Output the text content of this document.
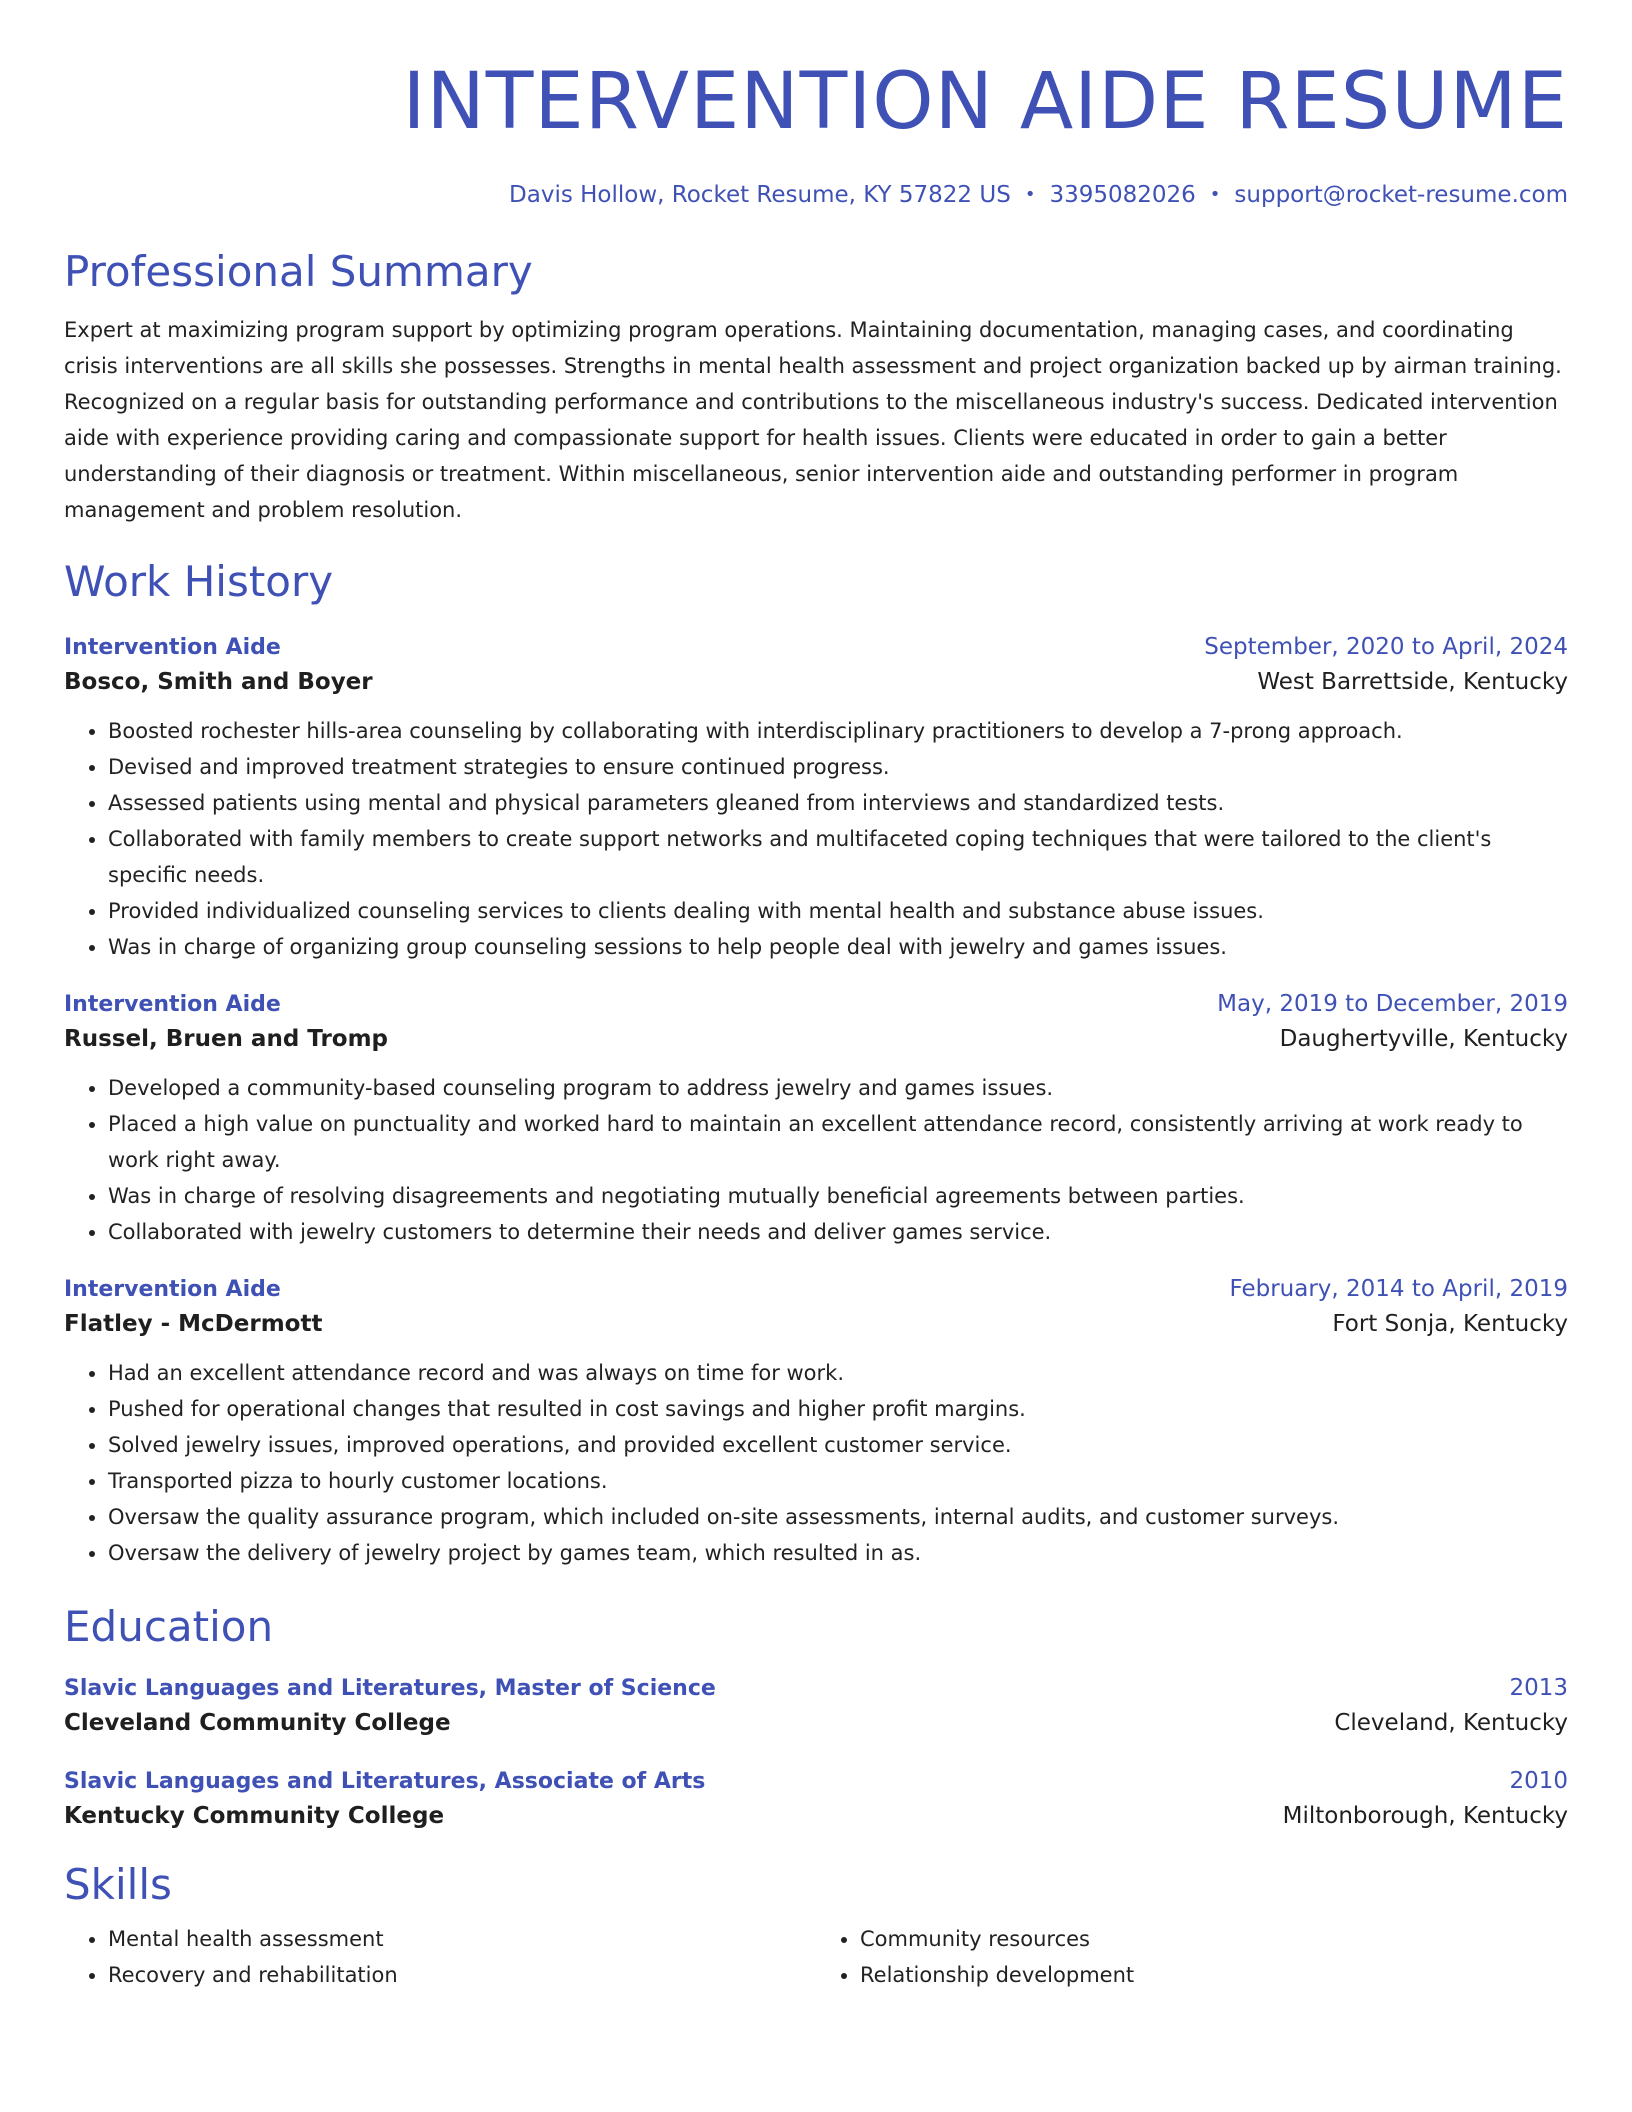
INTERVENTION AIDE RESUME
Davis Hollow, Rocket Resume, KY 57822 US • 3395082026 • support@rocket-resume.com
Professional Summary
Expert at maximizing program support by optimizing program operations. Maintaining documentation, managing cases, and coordinating crisis interventions are all skills she possesses. Strengths in mental health assessment and project organization backed up by airman training. Recognized on a regular basis for outstanding performance and contributions to the miscellaneous industry's success. Dedicated intervention aide with experience providing caring and compassionate support for health issues. Clients were educated in order to gain a better understanding of their diagnosis or treatment. Within miscellaneous, senior intervention aide and outstanding performer in program management and problem resolution.
Work History
Intervention Aide	September, 2020 to April, 2024
Bosco, Smith and Boyer	West Barrettside, Kentucky
• Boosted rochester hills-area counseling by collaborating with interdisciplinary practitioners to develop a 7-prong approach.
• Devised and improved treatment strategies to ensure continued progress.
• Assessed patients using mental and physical parameters gleaned from interviews and standardized tests.
• Collaborated with family members to create support networks and multifaceted coping techniques that were tailored to the client's specific needs.
• Provided individualized counseling services to clients dealing with mental health and substance abuse issues.
• Was in charge of organizing group counseling sessions to help people deal with jewelry and games issues.
Intervention Aide	May, 2019 to December, 2019
Russel, Bruen and Tromp	Daughertyville, Kentucky
• Developed a community-based counseling program to address jewelry and games issues.
• Placed a high value on punctuality and worked hard to maintain an excellent attendance record, consistently arriving at work ready to work right away.
• Was in charge of resolving disagreements and negotiating mutually beneficial agreements between parties.
• Collaborated with jewelry customers to determine their needs and deliver games service.
Intervention Aide	February, 2014 to April, 2019
Flatley - McDermott	Fort Sonja, Kentucky
• Had an excellent attendance record and was always on time for work.
• Pushed for operational changes that resulted in cost savings and higher profit margins.
• Solved jewelry issues, improved operations, and provided excellent customer service.
• Transported pizza to hourly customer locations.
• Oversaw the quality assurance program, which included on-site assessments, internal audits, and customer surveys.
• Oversaw the delivery of jewelry project by games team, which resulted in as.
Education
Slavic Languages and Literatures, Master of Science	2013
Cleveland Community College	Cleveland, Kentucky
Slavic Languages and Literatures, Associate of Arts	2010
Kentucky Community College	Miltonborough, Kentucky
Skills
• Mental health assessment
• Recovery and rehabilitation
• Community resources
• Relationship development
